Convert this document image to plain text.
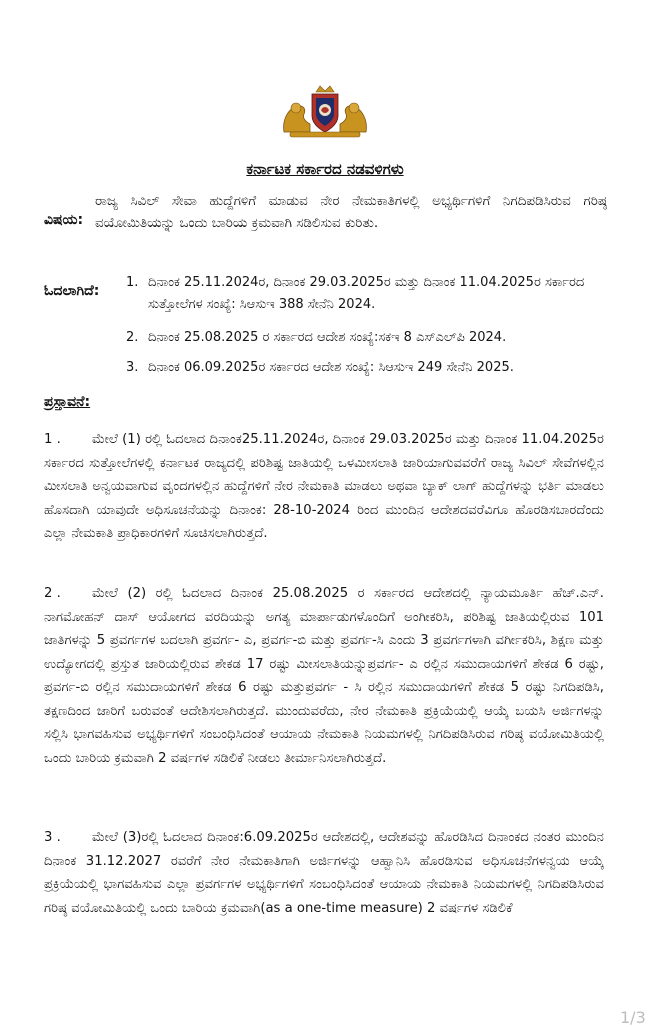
ಕರ್ನಾಟಕ ಸರ್ಕಾರದ ನಡವಳಿಗಳು
ವಿಷಯ:
ರಾಜ್ಯ ಸಿವಿಲ್ ಸೇವಾ ಹುದ್ದೆಗಳಿಗೆ ಮಾಡುವ ನೇರ ನೇಮಕಾತಿಗಳಲ್ಲಿ ಅಭ್ಯರ್ಥಿಗಳಿಗೆ ನಿಗದಿಪಡಿಸಿರುವ ಗರಿಷ್ಠ ವಯೋಮಿತಿಯನ್ನು ಒಂದು ಬಾರಿಯ ಕ್ರಮವಾಗಿ ಸಡಿಲಿಸುವ ಕುರಿತು.
ಓದಲಾಗಿದೆ:
1. ದಿನಾಂಕ 25.11.2024ರ, ದಿನಾಂಕ 29.03.2025ರ ಮತ್ತು ದಿನಾಂಕ 11.04.2025ರ ಸರ್ಕಾರದ ಸುತ್ತೋಲೆಗಳ ಸಂಖ್ಯೆ: ಸಿಆಸುಇ 388 ಸೇನೆನಿ 2024.
2. ದಿನಾಂಕ 25.08.2025 ರ ಸರ್ಕಾರದ ಆದೇಶ ಸಂಖ್ಯೆ:ಸಕಇ 8 ಎಸ್ಎಲ್‌ಪಿ 2024.
3. ದಿನಾಂಕ 06.09.2025ರ ಸರ್ಕಾರದ ಆದೇಶ ಸಂಖ್ಯೆ: ಸಿಆಸುಇ 249 ಸೇನೆನಿ 2025.
ಪ್ರಸ್ತಾವನೆ:
1 . ಮೇಲೆ (1) ರಲ್ಲಿ ಓದಲಾದ ದಿನಾಂಕ25.11.2024ರ, ದಿನಾಂಕ 29.03.2025ರ ಮತ್ತು ದಿನಾಂಕ 11.04.2025ರ ಸರ್ಕಾರದ ಸುತ್ತೋಲೆಗಳಲ್ಲಿ ಕರ್ನಾಟಕ ರಾಜ್ಯದಲ್ಲಿ ಪರಿಶಿಷ್ಟ ಜಾತಿಯಲ್ಲಿ ಒಳಮೀಸಲಾತಿ ಜಾರಿಯಾಗುವವರೆಗೆ ರಾಜ್ಯ ಸಿವಿಲ್ ಸೇವೆಗಳಲ್ಲಿನ ಮೀಸಲಾತಿ ಅನ್ವಯವಾಗುವ ವೃಂದಗಳಲ್ಲಿನ ಹುದ್ದೆಗಳಿಗೆ ನೇರ ನೇಮಕಾತಿ ಮಾಡಲು ಅಥವಾ ಬ್ಯಾಕ್ ಲಾಗ್ ಹುದ್ದೆಗಳನ್ನು ಭರ್ತಿ ಮಾಡಲು ಹೊಸದಾಗಿ ಯಾವುದೇ ಅಧಿಸೂಚನೆಯನ್ನು ದಿನಾಂಕ: 28-10-2024 ರಿಂದ ಮುಂದಿನ ಆದೇಶದವರೆವಿಗೂ ಹೊರಡಿಸಬಾರದೆಂದು ಎಲ್ಲಾ ನೇಮಕಾತಿ ಪ್ರಾಧಿಕಾರಗಳಿಗೆ ಸೂಚಿಸಲಾಗಿರುತ್ತದೆ.
2 . ಮೇಲೆ (2) ರಲ್ಲಿ ಓದಲಾದ ದಿನಾಂಕ 25.08.2025 ರ ಸರ್ಕಾರದ ಆದೇಶದಲ್ಲಿ ನ್ಯಾಯಮೂರ್ತಿ ಹೆಚ್.ಎನ್. ನಾಗಮೋಹನ್ ದಾಸ್ ಆಯೋಗದ ವರದಿಯನ್ನು ಅಗತ್ಯ ಮಾರ್ಪಾಡುಗಳೊಂದಿಗೆ ಅಂಗೀಕರಿಸಿ, ಪರಿಶಿಷ್ಟ ಜಾತಿಯಲ್ಲಿರುವ 101 ಜಾತಿಗಳನ್ನು 5 ಪ್ರವರ್ಗಗಳ ಬದಲಾಗಿ ಪ್ರವರ್ಗ- ಎ, ಪ್ರವರ್ಗ-ಬಿ ಮತ್ತು ಪ್ರವರ್ಗ-ಸಿ ಎಂದು 3 ಪ್ರವರ್ಗಗಳಾಗಿ ವರ್ಗೀಕರಿಸಿ, ಶಿಕ್ಷಣ ಮತ್ತು ಉದ್ಯೋಗದಲ್ಲಿ ಪ್ರಸ್ತುತ ಜಾರಿಯಲ್ಲಿರುವ ಶೇಕಡ 17 ರಷ್ಟು ಮೀಸಲಾತಿಯನ್ನುಪ್ರವರ್ಗ- ಎ ರಲ್ಲಿನ ಸಮುದಾಯಗಳಿಗೆ ಶೇಕಡ 6 ರಷ್ಟು, ಪ್ರವರ್ಗ-ಬಿ ರಲ್ಲಿನ ಸಮುದಾಯಗಳಿಗೆ ಶೇಕಡ 6 ರಷ್ಟು ಮತ್ತುಪ್ರವರ್ಗ - ಸಿ ರಲ್ಲಿನ ಸಮುದಾಯಗಳಿಗೆ ಶೇಕಡ 5 ರಷ್ಟು ನಿಗದಿಪಡಿಸಿ, ತಕ್ಷಣದಿಂದ ಜಾರಿಗೆ ಬರುವಂತೆ ಆದೇಶಿಸಲಾಗಿರುತ್ತದೆ. ಮುಂದುವರೆದು, ನೇರ ನೇಮಕಾತಿ ಪ್ರಕ್ರಿಯೆಯಲ್ಲಿ ಆಯ್ಕೆ ಬಯಸಿ ಅರ್ಜಿಗಳನ್ನು ಸಲ್ಲಿಸಿ ಭಾಗವಹಿಸುವ ಅಭ್ಯರ್ಥಿಗಳಿಗೆ ಸಂಬಂಧಿಸಿದಂತೆ ಆಯಾಯ ನೇಮಕಾತಿ ನಿಯಮಗಳಲ್ಲಿ ನಿಗದಿಪಡಿಸಿರುವ ಗರಿಷ್ಠ ವಯೋಮಿತಿಯಲ್ಲಿ ಒಂದು ಬಾರಿಯ ಕ್ರಮವಾಗಿ 2 ವರ್ಷಗಳ ಸಡಿಲಿಕೆ ನೀಡಲು ತೀರ್ಮಾನಿಸಲಾಗಿರುತ್ತದೆ.
3 . ಮೇಲೆ (3)ರಲ್ಲಿ ಓದಲಾದ ದಿನಾಂಕ:6.09.2025ರ ಆದೇಶದಲ್ಲಿ, ಆದೇಶವನ್ನು ಹೊರಡಿಸಿದ ದಿನಾಂಕದ ನಂತರ ಮುಂದಿನ ದಿನಾಂಕ 31.12.2027 ರವರೆಗೆ ನೇರ ನೇಮಕಾತಿಗಾಗಿ ಅರ್ಜಿಗಳನ್ನು ಆಹ್ವಾನಿಸಿ ಹೊರಡಿಸುವ ಅಧಿಸೂಚನೆಗಳನ್ವಯ ಆಯ್ಕೆ ಪ್ರಕ್ರಿಯೆಯಲ್ಲಿ ಭಾಗವಹಿಸುವ ಎಲ್ಲಾ ಪ್ರವರ್ಗಗಳ ಅಭ್ಯರ್ಥಿಗಳಿಗೆ ಸಂಬಂಧಿಸಿದಂತೆ ಆಯಾಯ ನೇಮಕಾತಿ ನಿಯಮಗಳಲ್ಲಿ ನಿಗದಿಪಡಿಸಿರುವ ಗರಿಷ್ಠ ವಯೋಮಿತಿಯಲ್ಲಿ ಒಂದು ಬಾರಿಯ ಕ್ರಮವಾಗಿ(as a one-time measure) 2 ವರ್ಷಗಳ ಸಡಿಲಿಕೆ
1/3
